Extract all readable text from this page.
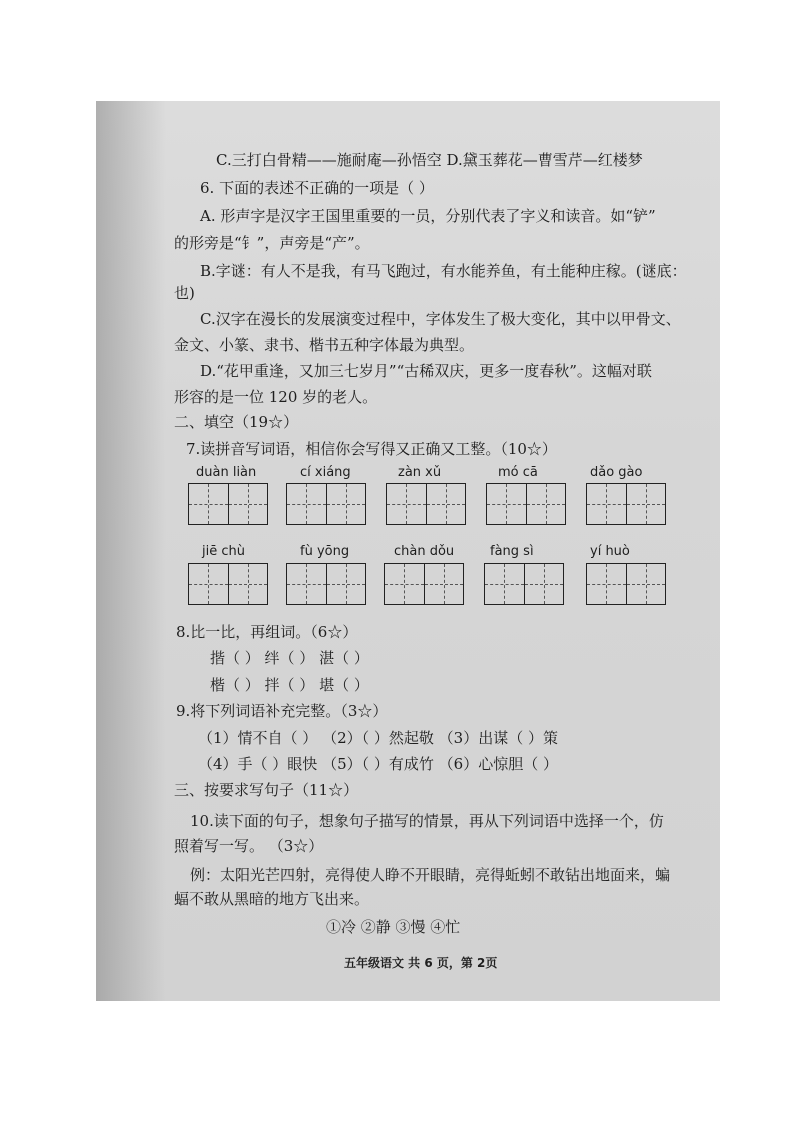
C.三打白骨精——施耐庵—孙悟空 D.黛玉葬花—曹雪芹—红楼梦
6. 下面的表述不正确的一项是（ ）
A. 形声字是汉字王国里重要的一员，分别代表了字义和读音。如“铲”
的形旁是“钅”，声旁是“产”。
B.字谜：有人不是我，有马飞跑过，有水能养鱼，有土能种庄稼。(谜底：
也)
C.汉字在漫长的发展演变过程中，字体发生了极大变化，其中以甲骨文、
金文、小篆、隶书、楷书五种字体最为典型。
D.“花甲重逢，又加三七岁月”“古稀双庆，更多一度春秋”。这幅对联
形容的是一位 120 岁的老人。
二、填空（19☆）
7.读拼音写词语，相信你会写得又正确又工整。（10☆）
duàn liàn	cí xiáng	zàn xǔ	mó cā	dǎo gào
jiē chù	fù yōng	chàn dǒu	fàng sì	yí huò
8.比一比，再组词。（6☆）
揩（ ） 绊（ ） 湛（ ）
楷（ ） 拌（ ） 堪（ ）
9.将下列词语补充完整。（3☆）
（1）情不自（ ） （2）（ ）然起敬 （3）出谋（ ）策
（4）手（ ）眼快 （5）（ ）有成竹 （6）心惊胆（ ）
三、按要求写句子（11☆）
10.读下面的句子，想象句子描写的情景，再从下列词语中选择一个，仿
照着写一写。 （3☆）
例：太阳光芒四射，亮得使人睁不开眼睛，亮得蚯蚓不敢钻出地面来，蝙
蝠不敢从黑暗的地方飞出来。
①冷 ②静 ③慢 ④忙
五年级语文 共 6 页，第 2页
